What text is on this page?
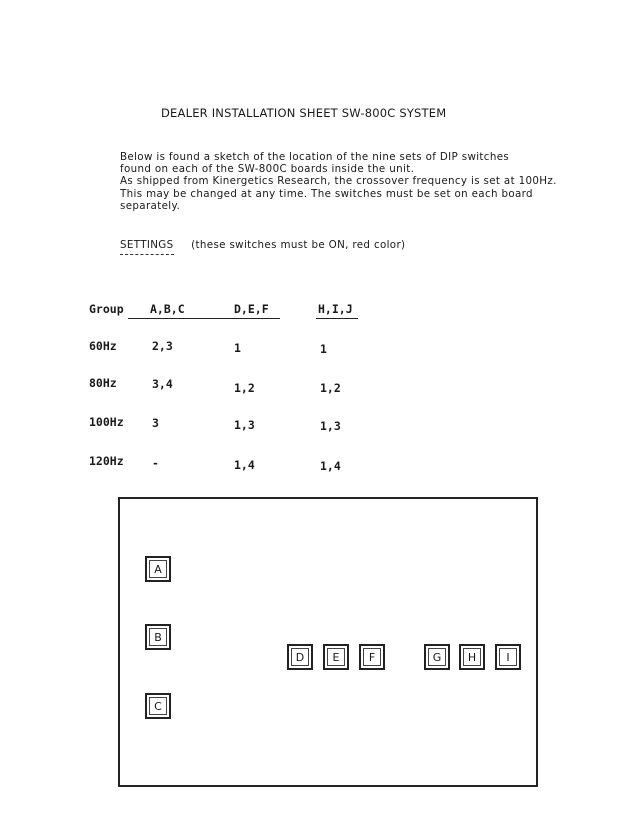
DEALER INSTALLATION SHEET SW-800C SYSTEM
Below is found a sketch of the location of the nine sets of DIP switches
found on each of the SW-800C boards inside the unit.
As shipped from Kinergetics Research, the crossover frequency is set at 100Hz.
This may be changed at any time. The switches must be set on each board
separately.
SETTINGS (these switches must be ON, red color)
Group A,B,C	D,E,F	H,I,J
60Hz	2,3	1	1
80Hz	3,4	1,2	1,2
100Hz 3	1,3	1,3
120Hz -	1,4	1,4
A
B
C
D	E	F	G	H	I
